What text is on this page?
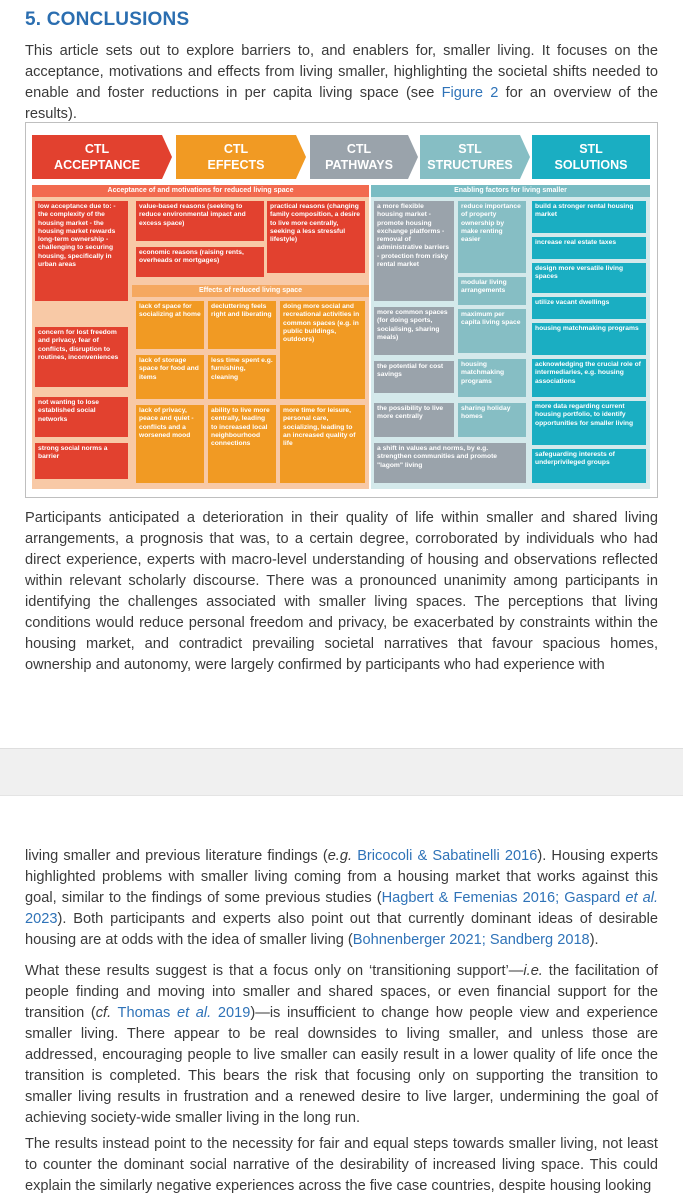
5. CONCLUSIONS

This article sets out to explore barriers to, and enablers for, smaller living. It focuses on the acceptance, motivations and effects from living smaller, highlighting the societal shifts needed to enable and foster reductions in per capita living space (see Figure 2 for an overview of the results).

CTL
ACCEPTANCE
CTL
EFFECTS
CTL
PATHWAYS
STL
STRUCTURES
STL
SOLUTIONS
Acceptance of and motivations for reduced living space	Enabling factors for living smaller
low acceptance due to: - the complexity of the housing market - the housing market rewards long-term ownership - challenging to securing housing, specifically in urban areas
concern for lost freedom and privacy, fear of conflicts, disruption to routines, inconveniences
not wanting to lose established social networks
strong social norms a barrier
value-based reasons (seeking to reduce environmental impact and excess space)
practical reasons (changing family composition, a desire to live more centrally, seeking a less stressful lifestyle)
economic reasons (raising rents, overheads or mortgages)
Effects of reduced living space
lack of space for socializing at home
decluttering feels right and liberating
doing more social and recreational activities in common spaces (e.g. in public buildings, outdoors)
lack of storage space for food and items
less time spent e.g. furnishing, cleaning
lack of privacy, peace and quiet - conflicts and a worsened mood
ability to live more centrally, leading to increased local neighbourhood connections
more time for leisure, personal care, socializing, leading to an increased quality of life
a more flexible housing market - promote housing exchange platforms - removal of administrative barriers - protection from risky rental market
reduce importance of property ownership by make renting easier
modular living arrangements
more common spaces (for doing sports, socialising, sharing meals)
maximum per capita living space
the potential for cost savings
housing matchmaking programs
the possibility to live more centrally
sharing holiday homes
a shift in values and norms, by e.g. strengthen communities and promote "lagom" living
build a stronger rental housing market
increase real estate taxes
design more versatile living spaces
utilize vacant dwellings
housing matchmaking programs
acknowledging the crucial role of intermediaries, e.g. housing associations
more data regarding current housing portfolio, to identify opportunities for smaller living
safeguarding interests of underprivileged groups

Participants anticipated a deterioration in their quality of life within smaller and shared living arrangements, a prognosis that was, to a certain degree, corroborated by individuals who had direct experience, experts with macro-level understanding of housing and observations reflected within relevant scholarly discourse. There was a pronounced unanimity among participants in identifying the challenges associated with smaller living spaces. The perceptions that living conditions would reduce personal freedom and privacy, be exacerbated by constraints within the housing market, and contradict prevailing societal narratives that favour spacious homes, ownership and autonomy, were largely confirmed by participants who had experience with

living smaller and previous literature findings (e.g. Bricocoli & Sabatinelli 2016). Housing experts highlighted problems with smaller living coming from a housing market that works against this goal, similar to the findings of some previous studies (Hagbert & Femenias 2016; Gaspard et al. 2023). Both participants and experts also point out that currently dominant ideas of desirable housing are at odds with the idea of smaller living (Bohnenberger 2021; Sandberg 2018).

What these results suggest is that a focus only on ‘transitioning support’—i.e. the facilitation of people finding and moving into smaller and shared spaces, or even financial support for the transition (cf. Thomas et al. 2019)—is insufficient to change how people view and experience smaller living. There appear to be real downsides to living smaller, and unless those are addressed, encouraging people to live smaller can easily result in a lower quality of life once the transition is completed. This bears the risk that focusing only on supporting the transition to smaller living results in frustration and a renewed desire to live larger, undermining the goal of achieving society-wide smaller living in the long run.

The results instead point to the necessity for fair and equal steps towards smaller living, not least to counter the dominant social narrative of the desirability of increased living space. This could explain the similarly negative experiences across the five case countries, despite housing looking
